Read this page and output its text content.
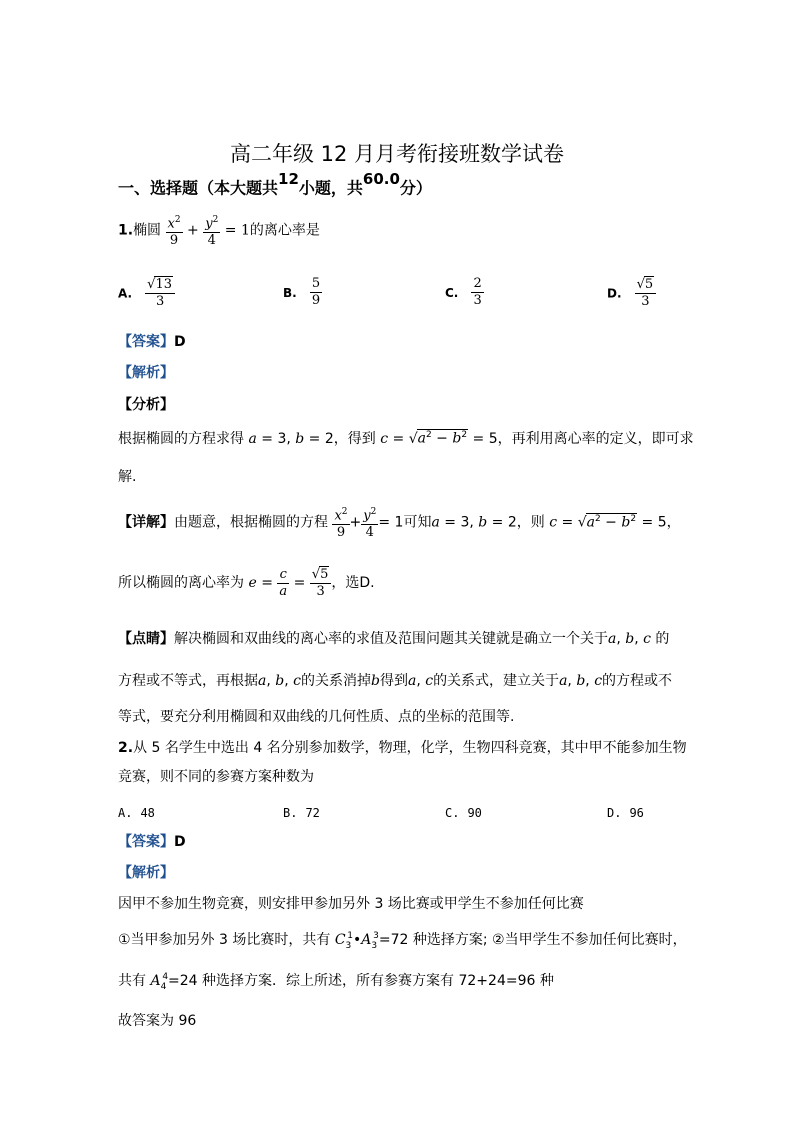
高二年级 12 月月考衔接班数学试卷
一、选择题（本大题共$^{12}$小题，共$^{60.0}$分）
1.椭圆 $\frac{x^2}{9} + \frac{y^2}{4} = 1$的离心率是
A. $\frac{√13}{3}$	B. $\frac{5}{9}$	C. $\frac{2}{3}$	D. $\frac{√5}{3}$
【答案】D
【解析】
【分析】
根据椭圆的方程求得 a = 3, b = 2，得到 $c = √a^2 - b^2 = 5$，再利用离心率的定义，即可求
解.
【详解】由题意，根据椭圆的方程 $\frac{x^2}{9} + \frac{y^2}{4} = 1$可知a = 3, b = 2，则 $c = √a^2 - b^2 = 5$，
所以椭圆的离心率为 $e = \frac{c}{a} = \frac{√5}{3}$ ，选D.
【点睛】解决椭圆和双曲线的离心率的求值及范围问题其关键就是确立一个关于a, b, c 的
方程或不等式，再根据a, b, c的关系消掉b得到a, c的关系式，建立关于a, b, c的方程或不
等式，要充分利用椭圆和双曲线的几何性质、点的坐标的范围等.
2.从 5 名学生中选出 4 名分别参加数学，物理，化学，生物四科竞赛，其中甲不能参加生物
竞赛，则不同的参赛方案种数为
A. 48	B. 72	C. 90	D. 96
【答案】D
【解析】
因甲不参加生物竞赛，则安排甲参加另外 3 场比赛或甲学生不参加任何比赛
①当甲参加另外 3 场比赛时，共有 $C_3^1•A_3^3=72$ 种选择方案; ②当甲学生不参加任何比赛时，
共有 $A_4^4=24$ 种选择方案．综上所述，所有参赛方案有 72+24=96 种
故答案为 96
